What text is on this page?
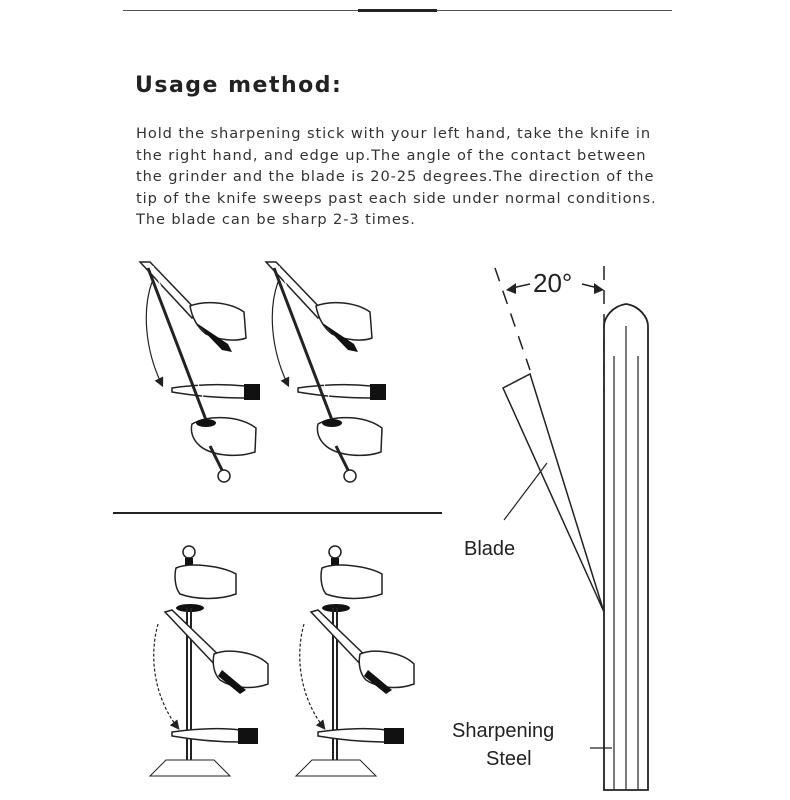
Usage method:
Hold the sharpening stick with your left hand, take the knife in
the right hand, and edge up.The angle of the contact between
the grinder and the blade is 20-25 degrees.The direction of the
tip of the knife sweeps past each side under normal conditions.
The blade can be sharp 2-3 times.
20°
Blade
Sharpening
Steel
